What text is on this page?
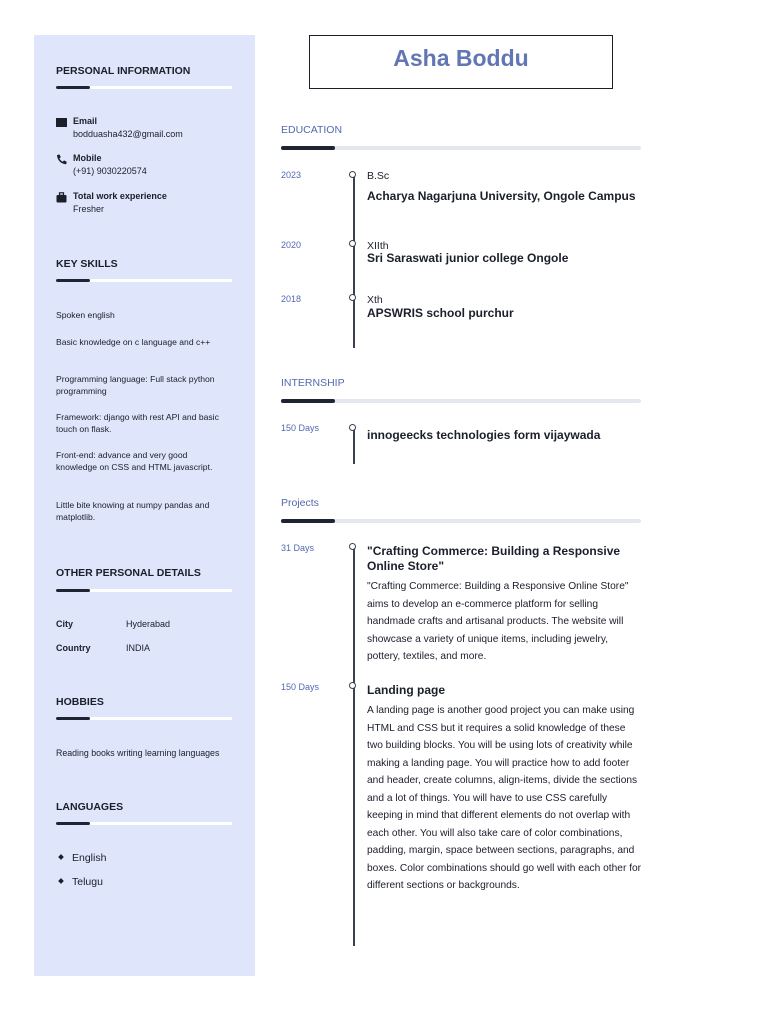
PERSONAL INFORMATION
Email
bodduasha432@gmail.com
Mobile
(+91) 9030220574
Total work experience
Fresher
KEY SKILLS
Spoken english
Basic knowledge on c language and c++
Programming language: Full stack python programming
Framework: django with rest API and basic touch on flask.
Front-end: advance and very good knowledge on CSS and HTML javascript.
Little bite knowing at numpy pandas and matplotlib.
OTHER PERSONAL DETAILS
City	Hyderabad
Country	INDIA
HOBBIES
Reading books writing learning languages
LANGUAGES
English
Telugu
Asha Boddu
EDUCATION
2023	B.Sc
Acharya Nagarjuna University, Ongole Campus
2020	XIIth
Sri Saraswati junior college Ongole
2018	Xth
APSWRIS school purchur
INTERNSHIP
150 Days	innogeecks technologies form vijaywada
Projects
31 Days	"Crafting Commerce: Building a Responsive Online Store"
"Crafting Commerce: Building a Responsive Online Store" aims to develop an e-commerce platform for selling handmade crafts and artisanal products. The website will showcase a variety of unique items, including jewelry, pottery, textiles, and more.
150 Days	Landing page
A landing page is another good project you can make using HTML and CSS but it requires a solid knowledge of these two building blocks. You will be using lots of creativity while making a landing page. You will practice how to add footer and header, create columns, align-items, divide the sections and a lot of things. You will have to use CSS carefully keeping in mind that different elements do not overlap with each other. You will also take care of color combinations, padding, margin, space between sections, paragraphs, and boxes. Color combinations should go well with each other for different sections or backgrounds.
